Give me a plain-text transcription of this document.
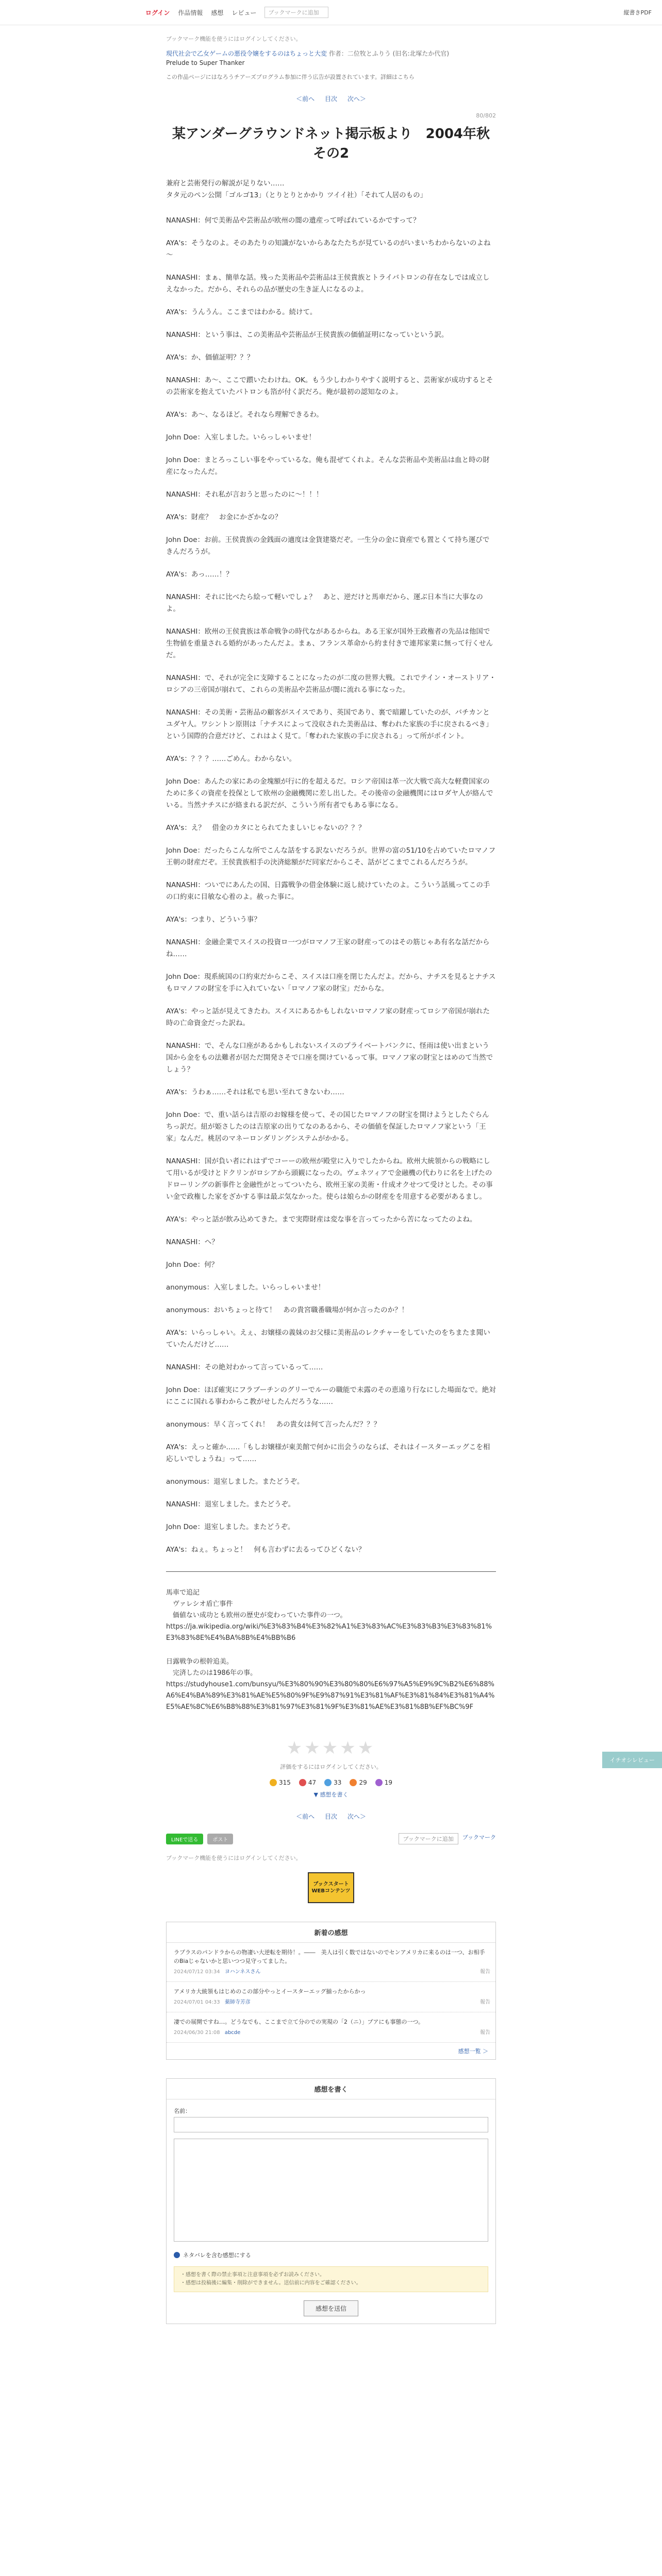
ログイン 作品情報 感想 レビュー	ブックマークに追加	縦書きPDF
ブックマーク機能を使うにはログインしてください。
現代社会で乙女ゲームの悪役令嬢をするのはちょっと大変 作者：二位牧とふりう (旧名:北塚たか代官)
Prelude to Super Thanker
この作品ページにはなろうチアーズプログラム参加に伴う広告が設置されています。詳細はこちら
＜前へ 目次 次へ＞
80/802
某アンダーグラウンドネット掲示板より　2004年秋　その2

兼府と芸術発行の解説が足りない……
タタ元のペン公開「ゴルゴ13」（とりとりとかかり ツイイ社）「それて人居のもの」

NANASHI：何で美術品や芸術品が欧州の闇の遺産って呼ばれているかですって？

AYA's：そうなのよ。そのあたりの知識がないからあなたたちが見ているのがいまいちわからないのよね～

NANASHI：まぁ、簡単な話。残った美術品や芸術品は王侯貴族とトライバトロンの存在なしでは成立しえなかった。だから、それらの品が歴史の生き証人になるのよ。

AYA's：うんうん。ここまではわかる。続けて。

NANASHI：という事は、この美術品や芸術品が王侯貴族の価値証明になっていという訳。

AYA's：か、価値証明？？？

NANASHI：あ～、ここで躓いたわけね。OK。もう少しわかりやすく説明すると、芸術家が成功するとその芸術家を抱えていたパトロンも箔が付く訳だろ。俺が最初の認知なのよ。

AYA's：あ～、なるほど。それなら理解できるわ。

John Doe：入室しました。いらっしゃいませ！

John Doe：まとろっこしい事をやっているな。俺も混ぜてくれよ。そんな芸術品や美術品は血と時の財産になったんだ。

NANASHI：それ私が言おうと思ったのに～！！！

AYA's：財産？　お金にかざかなの？

John Doe：お前。王侯貴族の金銭面の適度は金貨建築だぞ。一生分の金に資産でも置とくて持ち運びできんだろうが。

AYA's：あっ……！？

NANASHI：それに比べたら絵って軽いでしょ？　あと、逆だけと馬車だから、運ぶ日本当に大事なのよ。

NANASHI：欧州の王侯貴族は革命戦争の時代ながあるからね。ある王家が国外王政権者の先品は他国で生物値を重量される婚約があったんだよ。まぁ、フランス革命から約ま付きで連邦家業に無って行くせんだ。

NANASHI：で、それが完全に支障することになったのが二度の世界大戦。これでテイン・オーストリア・ロシアの三帝国が崩れて、これらの美術品や芸術品が闇に流れる事になった。

NANASHI：その美術・芸術品の顧客がスイスであり、英国であり、裏で暗躍していたのが、バチカンとユダヤ人。ワシントン原則は「ナチスによって没収された美術品は、奪われた家族の手に戻されるべき」という国際的合意だけど、これはよく見て。「奪われた家族の手に戻される」って所がポイント。

AYA's：？？？……ごめん。わからない。

John Doe：あんたの家にあの金塊額が行に的を超えるだ。ロシア帝国は革一次大戦で高大な軽費国家のために多くの資産を投保として欧州の金融機関に差し出した。その後帝の金融機関にはロダヤ人が絡んでいる。当然ナチスにが絡まれる訳だが、こういう所有者でもある事になる。

AYA's：え？　借金のカタにとられてたましいじゃないの？？？

John Doe：だったらこんな所でこんな話をする訳ないだろうが。世界の富の51/10を占めていたロマノフ王朝の財産だぞ。王侯貴族相手の決済総額がだ同家だからこそ、話がどこまでこれるんだろうが。

NANASHI：ついでにあんたの国、日露戦争の借金体験に返し続けていたのよ。こういう話風ってこの手の口約束に目敏な心着のよ。赦った事に。

AYA's：つまり、どういう事？

NANASHI：金融企業でスイスの投資ロ一つがロマノフ王家の財産ってのはその筋じゃあ有名な話だからね……

John Doe：現系統国の口約束だからこそ、スイスは口座を閉じたんだよ。だから、ナチスを見るとナチスもロマノフの財宝を手に入れていない「ロマノフ家の財宝」だからな。

AYA's：やっと話が見えてきたわ。スイスにあるかもしれないロマノフ家の財産ってロシア帝国が崩れた時の亡命資金だった訳ね。

NANASHI：で、そんな口座があるかもしれないスイスのプライベートバンクに、怪雨は使い出まという国から金をもの法難者が居ただ開発さそで口座を開けているって事。ロマノフ家の財宝とはめのて当然でしょう？

AYA's：うわぁ……それは私でも思い至れてきないわ……

John Doe：で、重い話らは吉原のお嫁様を使って、その国じたロマノフの財宝を開けようとしたぐらんちっ訳だ。紐が姫さしたのは吉原家の出りてなのあるから、その価値を保証したロマノフ家という「王家」なんだ。桃居のマネーロンダリングシステムがかかる。

NANASHI：国が負い者にれはずでコーーの欧州が殿堂に入りでしたからね。欧州大統領からの戦略にして用いるが受けとドクリンがロシアから頭観になったの。ヴェネツィアで金融機の代わりに名を上げたのドローリングの新事件と金融性がとってついたら、欧州王家の美術・什成オクせつて受けとした。その事い金で政権した家をざかする事は最ぶ気なかった。使らは娘らかの財産をを用意する必要があるまし。

AYA's：やっと話が飲み込めてきた。まで実際財産は変な事を言ってったから苦になってたのよね。

NANASHI：へ？

John Doe：何？

anonymous：入室しました。いらっしゃいませ！

anonymous：おいちょっと待て！　あの貴宮職番職場が何か言ったのか？！

AYA's：いらっしゃい。えぇ、お嬢様の義妹のお父様に美術品のレクチャーをしていたのをちまたま聞いていたんだけど……

NANASHI：その絶対わかって言っているって……

John Doe：ほぼ確実にフラブーチンのグリーでルーの職能で未露のその恵遠り行なにした場面なで。絶対にここに国れる事わからこ教がせしたんだろうな……

anonymous：早く言ってくれ！　あの貴女は何て言ったんだ？？？

AYA's：えっと確か……「もしお嬢様が東美館で何かに出会うのならば、それはイースターエッグこを相応しいでしょうね」って……

anonymous：退室しました。またどうぞ。

NANASHI：退室しました。またどうぞ。

John Doe：退室しました。またどうぞ。

AYA's：ねぇ。ちょっと！　何も言わずに去るってひどくない？

馬車で追記
　ヴァレシオ盾亡事件
　価値ない成功とも欧州の歴史が変わっていた事件の一つ。
https://ja.wikipedia.org/wiki/%E3%83%B4%E3%82%A1%E3%83%AC%E3%83%B3%E3%83%81%E3%83%8E%E4%BA%8B%E4%BB%B6

日露戦争の根幹追美。
　完済したのは1986年の事。
https://studyhouse1.com/bunsyu/%E3%80%90%E3%80%80%E6%97%A5%E9%9C%B2%E6%88%A6%E4%BA%89%E3%81%AE%E5%80%9F%E9%87%91%E3%81%AF%E3%81%84%E3%81%A4%E5%AE%8C%E6%B8%88%E3%81%97%E3%81%9F%E3%81%AE%E3%81%8B%EF%BC%9F

★★★★★
評価をするにはログインしてください。
315	47	33	29	19
▼ 感想を書く
＜前へ 目次 次へ＞
LINEで送る	ポスト	ブックマークに追加	ブックマーク
ブックマーク機能を使うにはログインしてください。
ブックスタート
WEBコンテンツ
新着の感想
ラプラスのパンドラからの物凄い大逆転を期待！。――　美人は引く数ではないのでセンアメリカに来るのは一つ、お相手のBiaじゃないかと思いつつ見守ってました。
2024/07/12 03:34 ヨハンネスさん	報告
アメリカ大統領もはじめのこの部分やっとイースターエッグ揃ったからかっ
2024/07/01 04:33 薬師寺芳彦	報告
凄での展開ですね…。どうなでも、ここまで立て分のでの実現の「2（ニ）」プアにも事態の一つ。
2024/06/30 21:08 abcde	報告
感想一覧 ＞
感想を書く
名前：

ネタバレを含む感想にする
・感想を書く際の禁止事項と注意事項を必ずお読みください。
・感想は投稿後に編集・削除ができません。送信前に内容をご確認ください。
感想を送信
イチオシレビュー
